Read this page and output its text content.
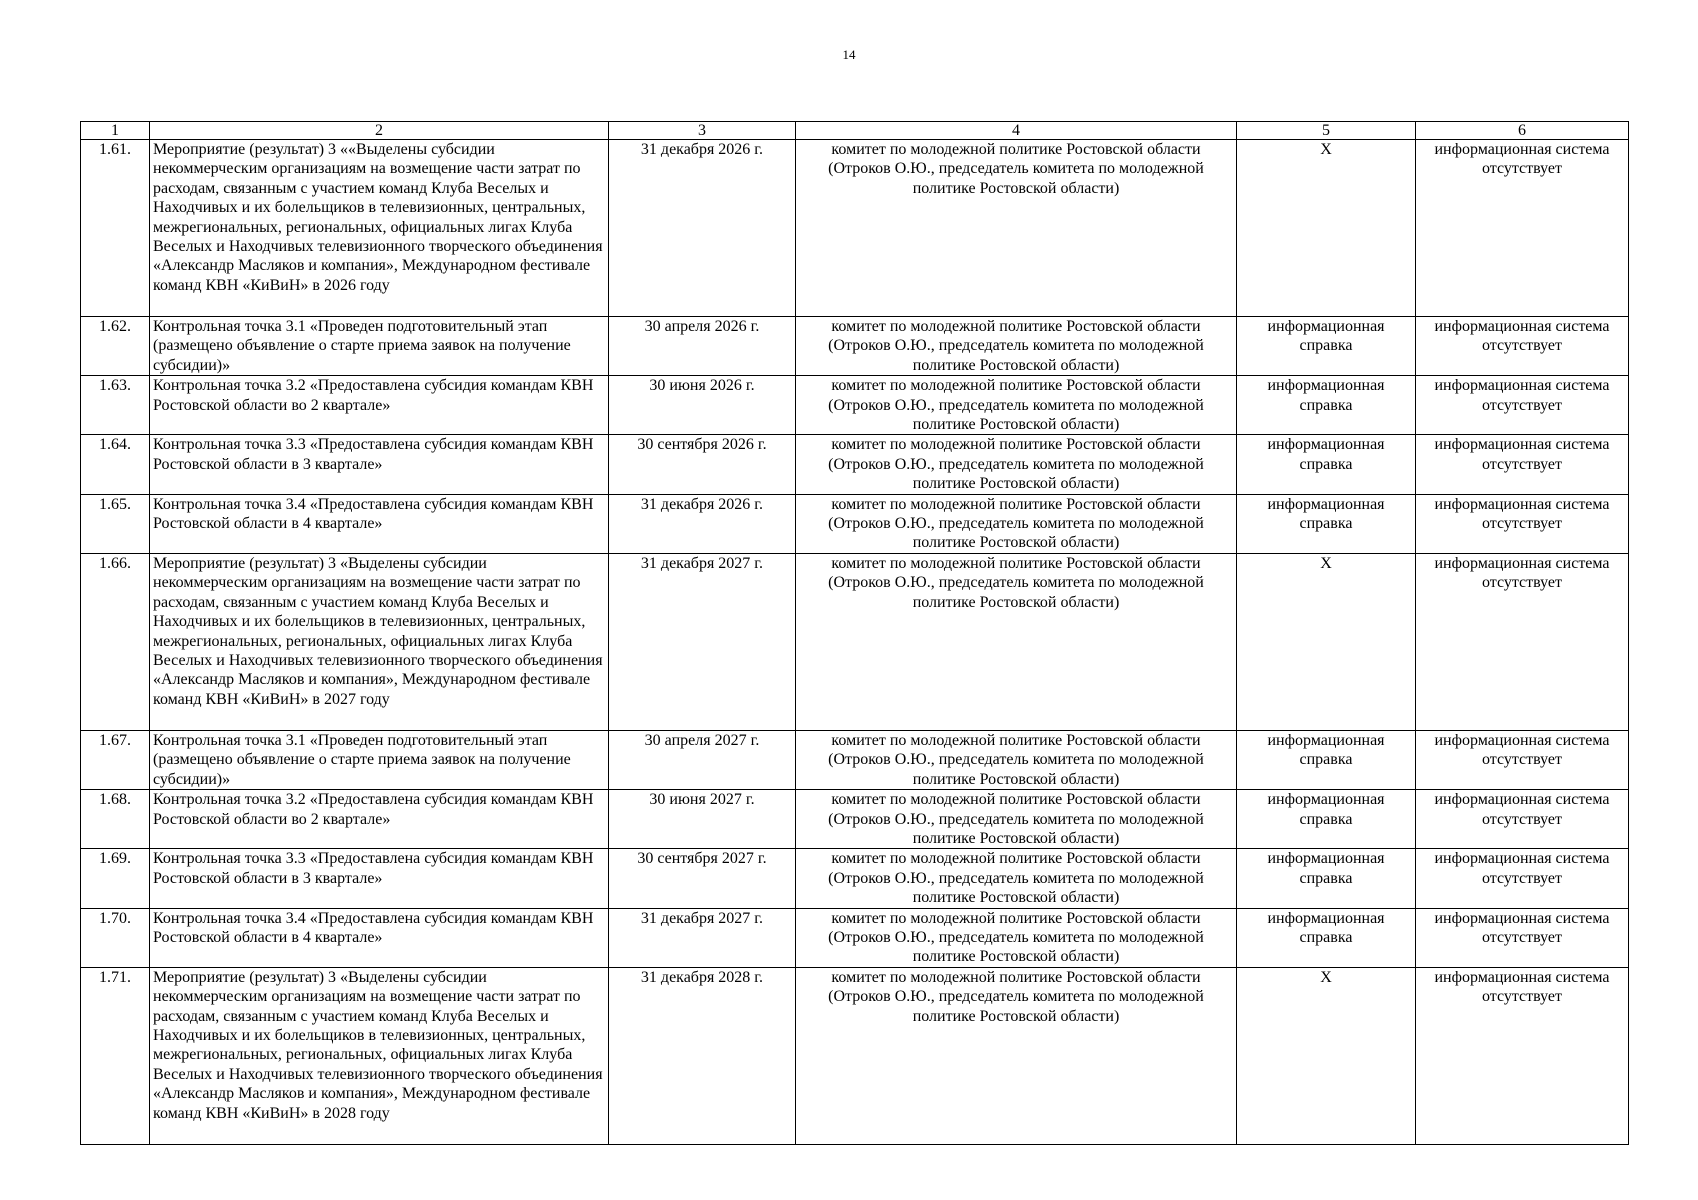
14
1	2	3	4	5	6
1.61.	Мероприятие (результат) 3 ««Выделены субсидии некоммерческим организациям на возмещение части затрат по расходам, связанным с участием команд Клуба Веселых и Находчивых и их болельщиков в телевизионных, центральных, межрегиональных, региональных, официальных лигах Клуба Веселых и Находчивых телевизионного творческого объединения «Александр Масляков и компания», Международном фестивале команд КВН «КиВиН» в 2026 году	31 декабря 2026 г.	комитет по молодежной политике Ростовской области (Отроков О.Ю., председатель комитета по молодежной политике Ростовской области)	X	информационная система отсутствует
1.62.	Контрольная точка 3.1 «Проведен подготовительный этап (размещено объявление о старте приема заявок на получение субсидии)»	30 апреля 2026 г.	комитет по молодежной политике Ростовской области (Отроков О.Ю., председатель комитета по молодежной политике Ростовской области)	информационная справка	информационная система отсутствует
1.63.	Контрольная точка 3.2 «Предоставлена субсидия командам КВН Ростовской области во 2 квартале»	30 июня 2026 г.	комитет по молодежной политике Ростовской области (Отроков О.Ю., председатель комитета по молодежной политике Ростовской области)	информационная справка	информационная система отсутствует
1.64.	Контрольная точка 3.3 «Предоставлена субсидия командам КВН Ростовской области в 3 квартале»	30 сентября 2026 г.	комитет по молодежной политике Ростовской области (Отроков О.Ю., председатель комитета по молодежной политике Ростовской области)	информационная справка	информационная система отсутствует
1.65.	Контрольная точка 3.4 «Предоставлена субсидия командам КВН Ростовской области в 4 квартале»	31 декабря 2026 г.	комитет по молодежной политике Ростовской области (Отроков О.Ю., председатель комитета по молодежной политике Ростовской области)	информационная справка	информационная система отсутствует
1.66.	Мероприятие (результат) 3 «Выделены субсидии некоммерческим организациям на возмещение части затрат по расходам, связанным с участием команд Клуба Веселых и Находчивых и их болельщиков в телевизионных, центральных, межрегиональных, региональных, официальных лигах Клуба Веселых и Находчивых телевизионного творческого объединения «Александр Масляков и компания», Международном фестивале команд КВН «КиВиН» в 2027 году	31 декабря 2027 г.	комитет по молодежной политике Ростовской области (Отроков О.Ю., председатель комитета по молодежной политике Ростовской области)	X	информационная система отсутствует
1.67.	Контрольная точка 3.1 «Проведен подготовительный этап (размещено объявление о старте приема заявок на получение субсидии)»	30 апреля 2027 г.	комитет по молодежной политике Ростовской области (Отроков О.Ю., председатель комитета по молодежной политике Ростовской области)	информационная справка	информационная система отсутствует
1.68.	Контрольная точка 3.2 «Предоставлена субсидия командам КВН Ростовской области во 2 квартале»	30 июня 2027 г.	комитет по молодежной политике Ростовской области (Отроков О.Ю., председатель комитета по молодежной политике Ростовской области)	информационная справка	информационная система отсутствует
1.69.	Контрольная точка 3.3 «Предоставлена субсидия командам КВН Ростовской области в 3 квартале»	30 сентября 2027 г.	комитет по молодежной политике Ростовской области (Отроков О.Ю., председатель комитета по молодежной политике Ростовской области)	информационная справка	информационная система отсутствует
1.70.	Контрольная точка 3.4 «Предоставлена субсидия командам КВН Ростовской области в 4 квартале»	31 декабря 2027 г.	комитет по молодежной политике Ростовской области (Отроков О.Ю., председатель комитета по молодежной политике Ростовской области)	информационная справка	информационная система отсутствует
1.71.	Мероприятие (результат) 3 «Выделены субсидии некоммерческим организациям на возмещение части затрат по расходам, связанным с участием команд Клуба Веселых и Находчивых и их болельщиков в телевизионных, центральных, межрегиональных, региональных, официальных лигах Клуба Веселых и Находчивых телевизионного творческого объединения «Александр Масляков и компания», Международном фестивале команд КВН «КиВиН» в 2028 году	31 декабря 2028 г.	комитет по молодежной политике Ростовской области (Отроков О.Ю., председатель комитета по молодежной политике Ростовской области)	X	информационная система отсутствует
